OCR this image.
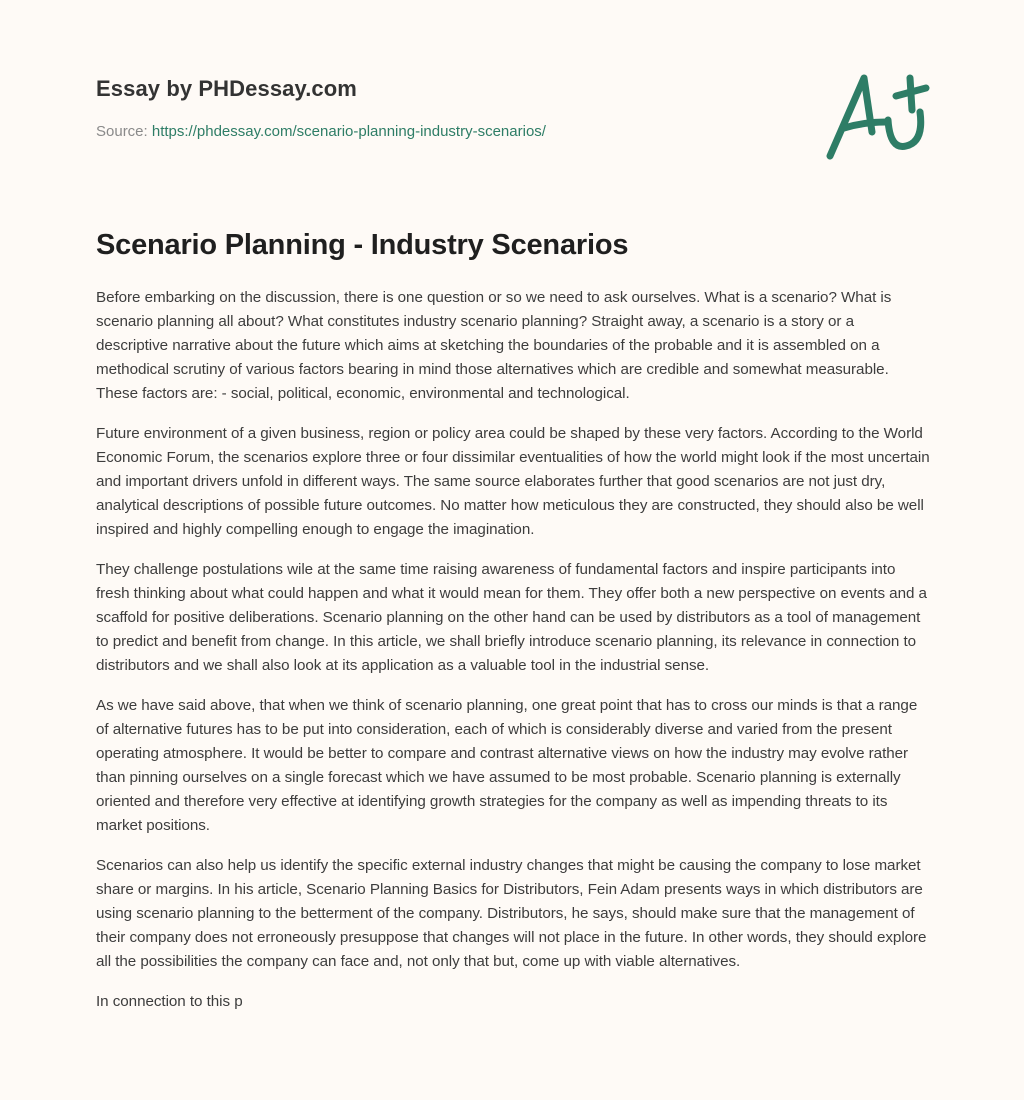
Essay by PHDessay.com

Source: https://phdessay.com/scenario-planning-industry-scenarios/
Scenario Planning - Industry Scenarios

Before embarking on the discussion, there is one question or so we need to ask ourselves. What is a scenario? What is scenario planning all about? What constitutes industry scenario planning? Straight away, a scenario is a story or a descriptive narrative about the future which aims at sketching the boundaries of the probable and it is assembled on a methodical scrutiny of various factors bearing in mind those alternatives which are credible and somewhat measurable. These factors are: - social, political, economic, environmental and technological.

Future environment of a given business, region or policy area could be shaped by these very factors. According to the World Economic Forum, the scenarios explore three or four dissimilar eventualities of how the world might look if the most uncertain and important drivers unfold in different ways. The same source elaborates further that good scenarios are not just dry, analytical descriptions of possible future outcomes. No matter how meticulous they are constructed, they should also be well inspired and highly compelling enough to engage the imagination.

They challenge postulations wile at the same time raising awareness of fundamental factors and inspire participants into fresh thinking about what could happen and what it would mean for them. They offer both a new perspective on events and a scaffold for positive deliberations. Scenario planning on the other hand can be used by distributors as a tool of management to predict and benefit from change. In this article, we shall briefly introduce scenario planning, its relevance in connection to distributors and we shall also look at its application as a valuable tool in the industrial sense.

As we have said above, that when we think of scenario planning, one great point that has to cross our minds is that a range of alternative futures has to be put into consideration, each of which is considerably diverse and varied from the present operating atmosphere. It would be better to compare and contrast alternative views on how the industry may evolve rather than pinning ourselves on a single forecast which we have assumed to be most probable. Scenario planning is externally oriented and therefore very effective at identifying growth strategies for the company as well as impending threats to its market positions.

Scenarios can also help us identify the specific external industry changes that might be causing the company to lose market share or margins. In his article, Scenario Planning Basics for Distributors, Fein Adam presents ways in which distributors are using scenario planning to the betterment of the company. Distributors, he says, should make sure that the management of their company does not erroneously presuppose that changes will not place in the future. In other words, they should explore all the possibilities the company can face and, not only that but, come up with viable alternatives.

In connection to this p
